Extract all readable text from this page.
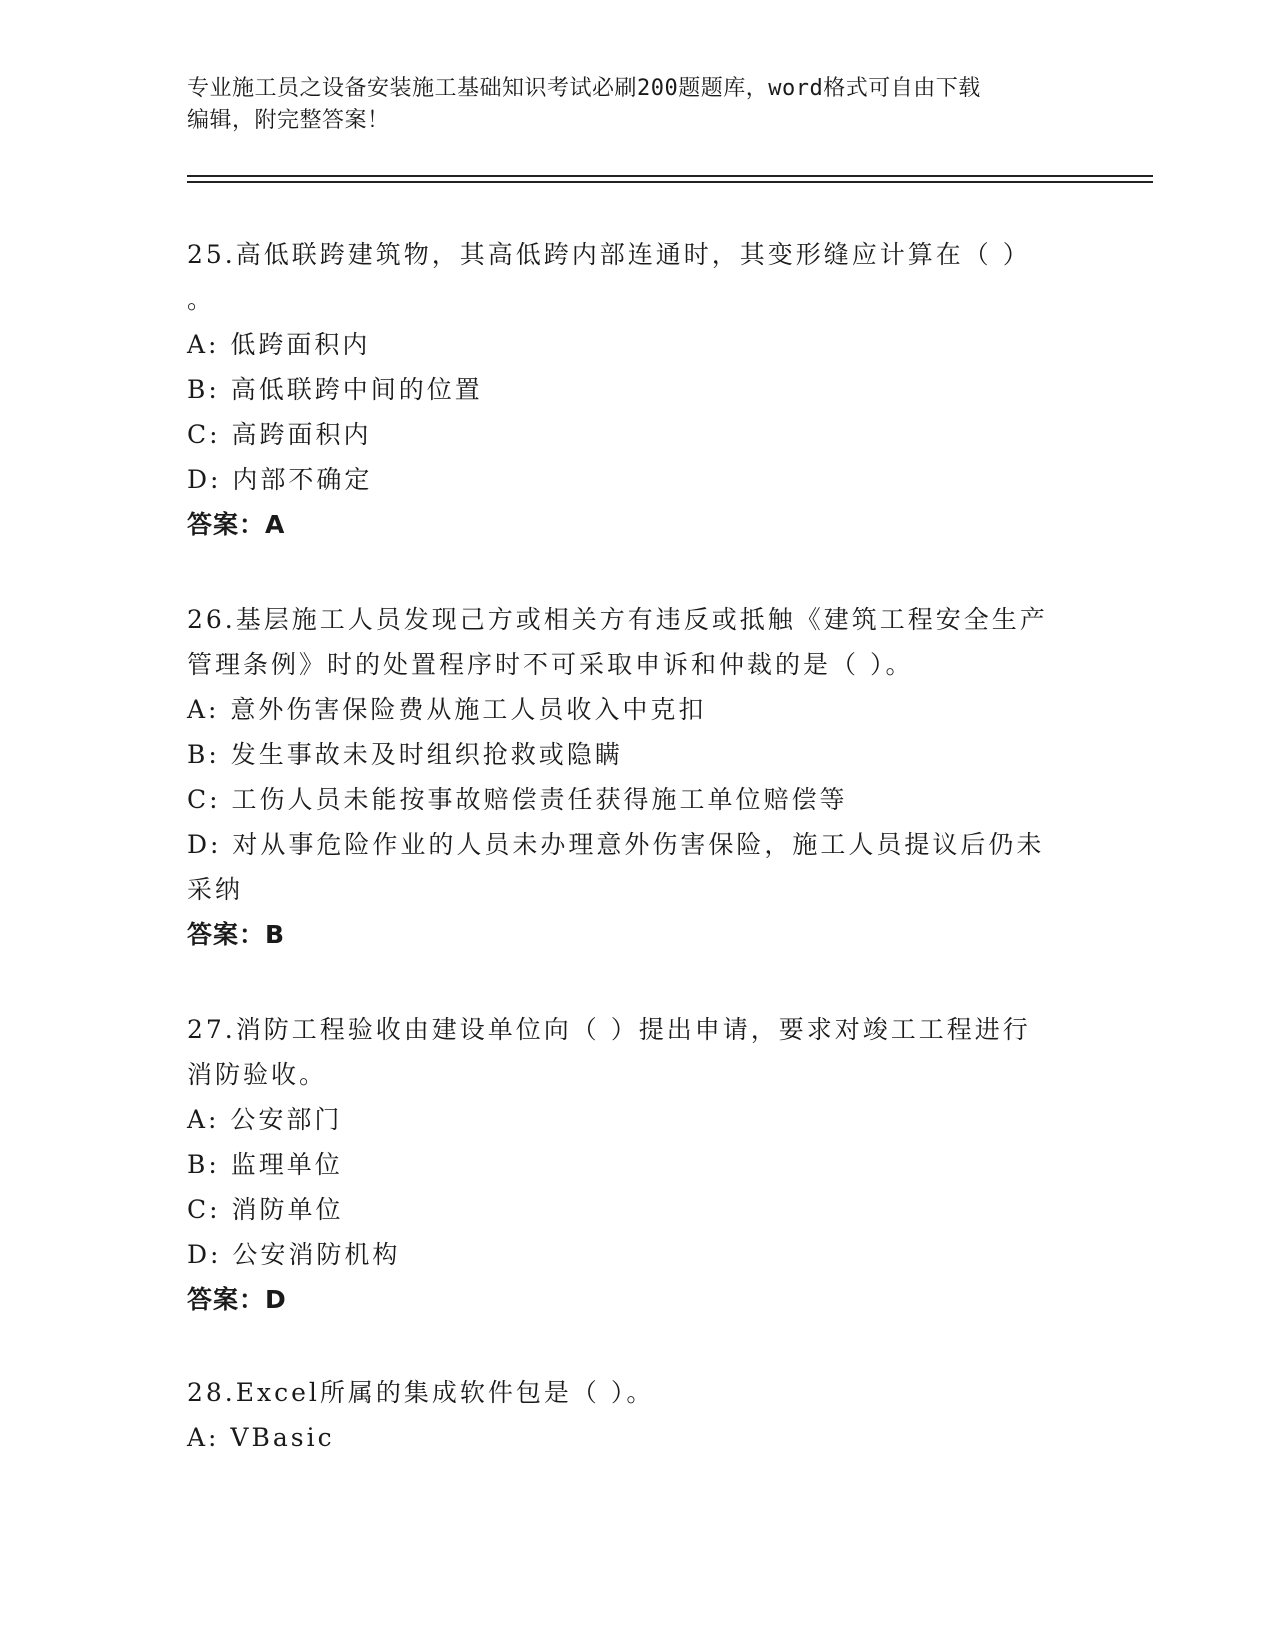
专业施工员之设备安装施工基础知识考试必刷200题题库，word格式可自由下载
编辑，附完整答案！
25.高低联跨建筑物，其高低跨内部连通时，其变形缝应计算在（ ）
。
A: 低跨面积内
B: 高低联跨中间的位置
C: 高跨面积内
D: 内部不确定
答案：A
26.基层施工人员发现己方或相关方有违反或抵触《建筑工程安全生产
管理条例》时的处置程序时不可采取申诉和仲裁的是（ ）。
A: 意外伤害保险费从施工人员收入中克扣
B: 发生事故未及时组织抢救或隐瞒
C: 工伤人员未能按事故赔偿责任获得施工单位赔偿等
D: 对从事危险作业的人员未办理意外伤害保险，施工人员提议后仍未
采纳
答案：B
27.消防工程验收由建设单位向（ ）提出申请，要求对竣工工程进行
消防验收。
A: 公安部门
B: 监理单位
C: 消防单位
D: 公安消防机构
答案：D
28.Excel所属的集成软件包是（ ）。
A: VBasic
